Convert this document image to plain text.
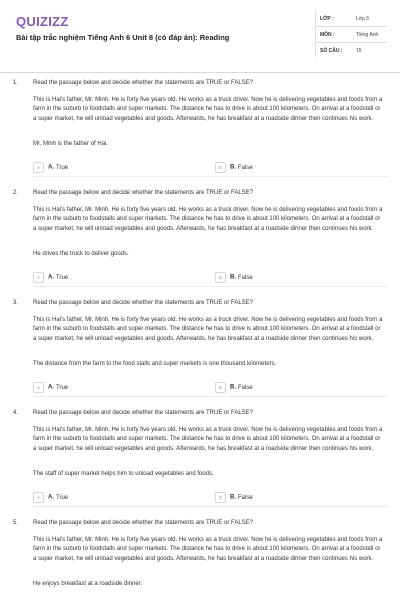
QUIZIZZ
Bài tập trắc nghiệm Tiếng Anh 6 Unit 8 (có đáp án): Reading
LỚP :	Lớp 6
MÔN :	Tiếng Anh
SỐ CÂU :	15
1. Read the passage below and decide whether the statements are TRUE or FALSE?
This is Hai's father, Mr. Minh. He is forty five years old. He works as a truck driver. Now he is delivering vegetables and foods from a farm in the suburb to foodstalls and super markets. The distance he has to drive is about 100 kilometers. On arrival at a foodstall or a super market, he will unload vegetables and goods. Afterwards, he has breakfast at a roadside dinner then continues his work.
Mr. Minh is the father of Hai.
A A. True	B B. False
2. Read the passage below and decide whether the statements are TRUE or FALSE?
This is Hai's father, Mr. Minh. He is forty five years old. He works as a truck driver. Now he is delivering vegetables and foods from a farm in the suburb to foodstalls and super markets. The distance he has to drive is about 100 kilometers. On arrival at a foodstall or a super market, he will unload vegetables and goods. Afterwards, he has breakfast at a roadside dinner then continues his work.
He drives the truck to deliver goods.
A A. True	B B. False
3. Read the passage below and decide whether the statements are TRUE or FALSE?
This is Hai's father, Mr. Minh. He is forty five years old. He works as a truck driver. Now he is delivering vegetables and foods from a farm in the suburb to foodstalls and super markets. The distance he has to drive is about 100 kilometers. On arrival at a foodstall or a super market, he will unload vegetables and goods. Afterwards, he has breakfast at a roadside dinner then continues his work.
The distance from the farm to the food stalls and super markets is one thousand kilometers.
A A. True	B B. False
4. Read the passage below and decide whether the statements are TRUE or FALSE?
This is Hai's father, Mr. Minh. He is forty five years old. He works as a truck driver. Now he is delivering vegetables and foods from a farm in the suburb to foodstalls and super markets. The distance he has to drive is about 100 kilometers. On arrival at a foodstall or a super market, he will unload vegetables and goods. Afterwards, he has breakfast at a roadside dinner then continues his work.
The staff of super market helps him to unload vegetables and foods.
A A. True	B B. False
5. Read the passage below and decide whether the statements are TRUE or FALSE?
This is Hai's father, Mr. Minh. He is forty five years old. He works as a truck driver. Now he is delivering vegetables and foods from a farm in the suburb to foodstalls and super markets. The distance he has to drive is about 100 kilometers. On arrival at a foodstall or a super market, he will unload vegetables and goods. Afterwards, he has breakfast at a roadside dinner then continues his work.
He enjoys breakfast at a roadside dinner.
